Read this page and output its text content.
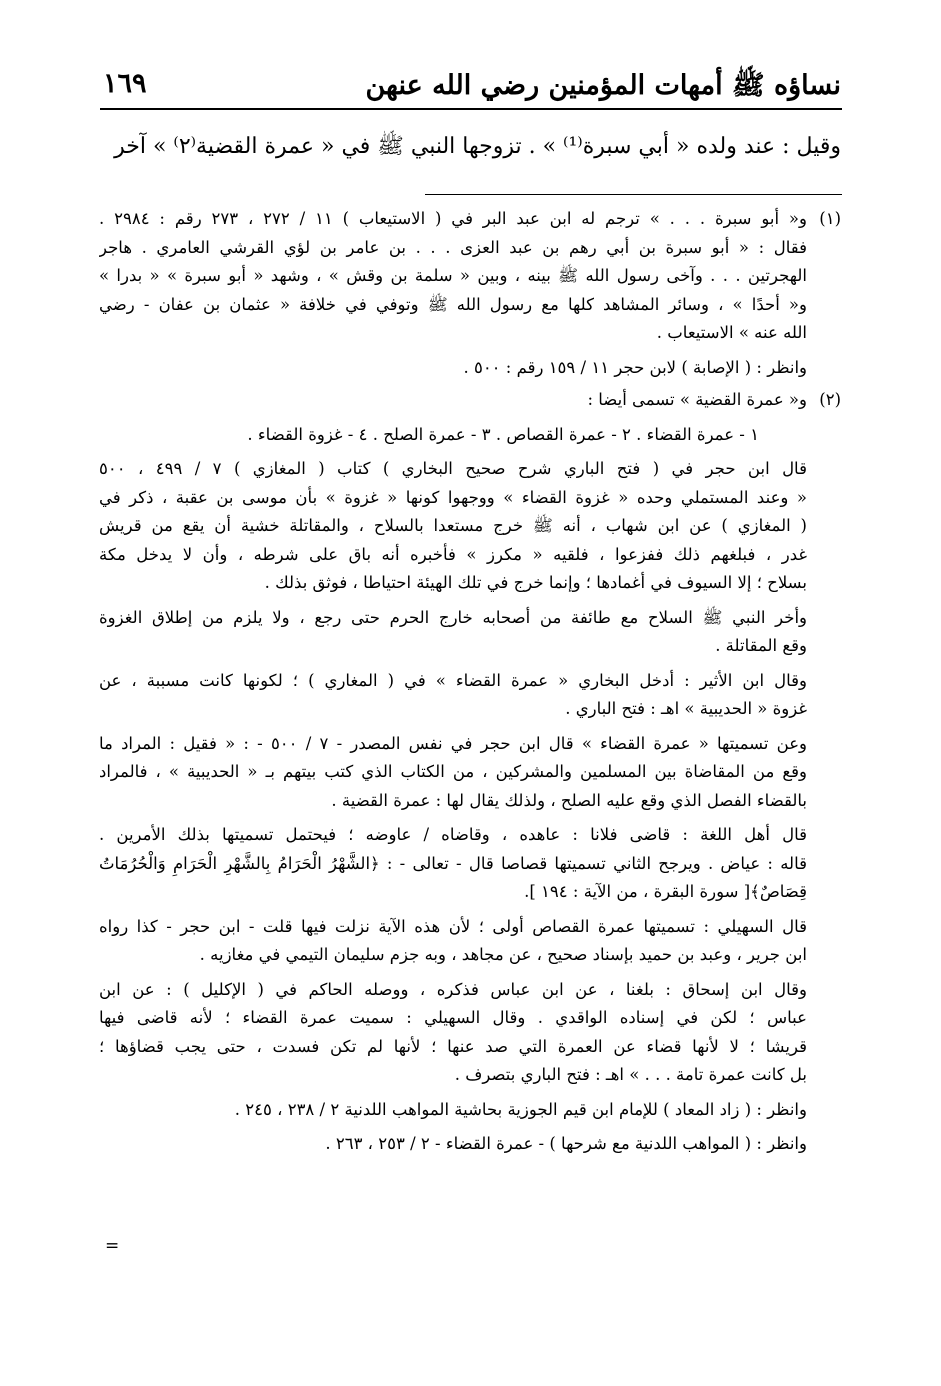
نساؤه ﷺ أمهات المؤمنين رضي الله عنهن
١٦٩
وقيل : عند ولده « أبي سبرة⁽¹⁾ » . تزوجها النبي ﷺ في « عمرة القضية⁽٢⁾ » آخر
(١)
و« أبو سبرة . . . » ترجم له ابن عبد البر في ( الاستيعاب ) ١١ / ٢٧٢ ، ٢٧٣ رقم : ٢٩٨٤ .
فقال : « أبو سبرة بن أبي رهم بن عبد العزى . . . بن عامر بن لؤي القرشي العامري . هاجر
الهجرتين . . . وآخى رسول الله ﷺ بينه ، وبين « سلمة بن وقش » ، وشهد « أبو سبرة » « بدرا »
و« أحدًا » ، وسائر المشاهد كلها مع رسول الله ﷺ وتوفي في خلافة « عثمان بن عفان - رضي
الله عنه » الاستيعاب .
وانظر : ( الإصابة ) لابن حجر ١١ / ١٥٩ رقم : ٥٠٠ .
(٢)
و« عمرة القضية » تسمى أيضا :
١ - عمرة القضاء . ٢ - عمرة القصاص . ٣ - عمرة الصلح . ٤ - غزوة القضاء .
قال ابن حجر في ( فتح الباري شرح صحيح البخاري ) كتاب ( المغازي ) ٧ / ٤٩٩ ، ٥٠٠
« وعند المستملي وحده « غزوة القضاء » ووجهوا كونها « غزوة » بأن موسى بن عقبة ، ذكر في
( المغازي ) عن ابن شهاب ، أنه ﷺ خرج مستعدا بالسلاح ، والمقاتلة خشية أن يقع من قريش
غدر ، فبلغهم ذلك ففزعوا ، فلقيه « مكرز » فأخبره أنه باق على شرطه ، وأن لا يدخل مكة
بسلاح ؛ إلا السيوف في أغمادها ؛ وإنما خرج في تلك الهيئة احتياطا ، فوثق بذلك .
وأخر النبي ﷺ السلاح مع طائفة من أصحابه خارج الحرم حتى رجع ، ولا يلزم من إطلاق الغزوة
وقع المقاتلة .
وقال ابن الأثير : أدخل البخاري « عمرة القضاء » في ( المغاري ) ؛ لكونها كانت مسببة ، عن
غزوة « الحديبية » اهـ : فتح الباري .
وعن تسميتها « عمرة القضاء » قال ابن حجر في نفس المصدر - ٧ / ٥٠٠ - : « فقيل : المراد ما
وقع من المقاضاة بين المسلمين والمشركين ، من الكتاب الذي كتب بيتهم بـ « الحديبية » ، فالمراد
بالقضاء الفصل الذي وقع عليه الصلح ، ولذلك يقال لها : عمرة القضية .
قال أهل اللغة : قاضى فلانا : عاهده ، وقاضاه / عاوضه ؛ فيحتمل تسميتها بذلك الأمرين .
قاله : عياض . ويرجح الثاني تسميتها قصاصا قال - تعالى - : ﴿الشَّهْرُ الْحَرَامُ بِالشَّهْرِ الْحَرَامِ وَالْحُرُمَاتُ
قِصَاصٌ﴾[ سورة البقرة ، من الآية : ١٩٤ ].
قال السهيلي : تسميتها عمرة القصاص أولى ؛ لأن هذه الآية نزلت فيها قلت - ابن حجر - كذا رواه
ابن جرير ، وعبد بن حميد بإسناد صحيح ، عن مجاهد ، وبه جزم سليمان التيمي في مغازيه .
وقال ابن إسحاق : بلغنا ، عن ابن عباس فذكره ، ووصله الحاكم في ( الإكليل ) : عن ابن
عباس ؛ لكن في إسناده الواقدي . وقال السهيلي : سميت عمرة القضاء ؛ لأنه قاضى فيها
قريشا ؛ لا لأنها قضاء عن العمرة التي صد عنها ؛ لأنها لم تكن فسدت ، حتى يجب قضاؤها ؛
بل كانت عمرة تامة . . . » اهـ : فتح الباري بتصرف .
وانظر : ( زاد المعاد ) للإمام ابن قيم الجوزية بحاشية المواهب اللدنية ٢ / ٢٣٨ ، ٢٤٥ .
وانظر : ( المواهب اللدنية مع شرحها ) - عمرة القضاء - ٢ / ٢٥٣ ، ٢٦٣ .
=
